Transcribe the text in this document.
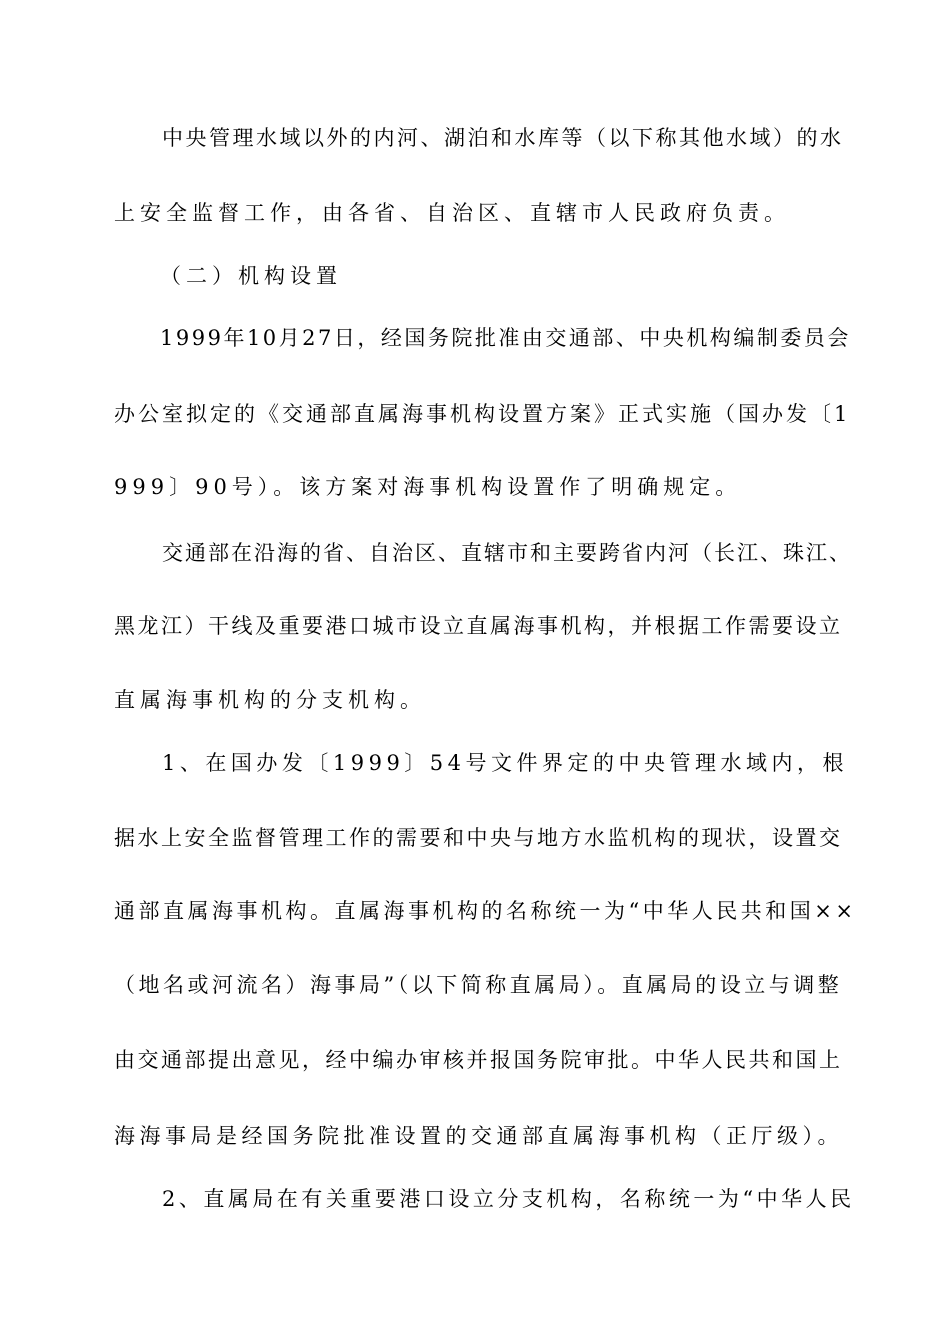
中央管理水域以外的内河、湖泊和水库等（以下称其他水域）的水

上安全监督工作，由各省、自治区、直辖市人民政府负责。

（二）机构设置

1999年10月27日，经国务院批准由交通部、中央机构编制委员会

办公室拟定的《交通部直属海事机构设置方案》正式实施（国办发〔1

999〕90号）。该方案对海事机构设置作了明确规定。

交通部在沿海的省、自治区、直辖市和主要跨省内河（长江、珠江、

黑龙江）干线及重要港口城市设立直属海事机构，并根据工作需要设立

直属海事机构的分支机构。

1、在国办发〔1999〕54号文件界定的中央管理水域内，根

据水上安全监督管理工作的需要和中央与地方水监机构的现状，设置交

通部直属海事机构。直属海事机构的名称统一为“中华人民共和国××

（地名或河流名）海事局”（以下简称直属局）。直属局的设立与调整

由交通部提出意见，经中编办审核并报国务院审批。中华人民共和国上

海海事局是经国务院批准设置的交通部直属海事机构（正厅级）。

2、直属局在有关重要港口设立分支机构，名称统一为“中华人民
